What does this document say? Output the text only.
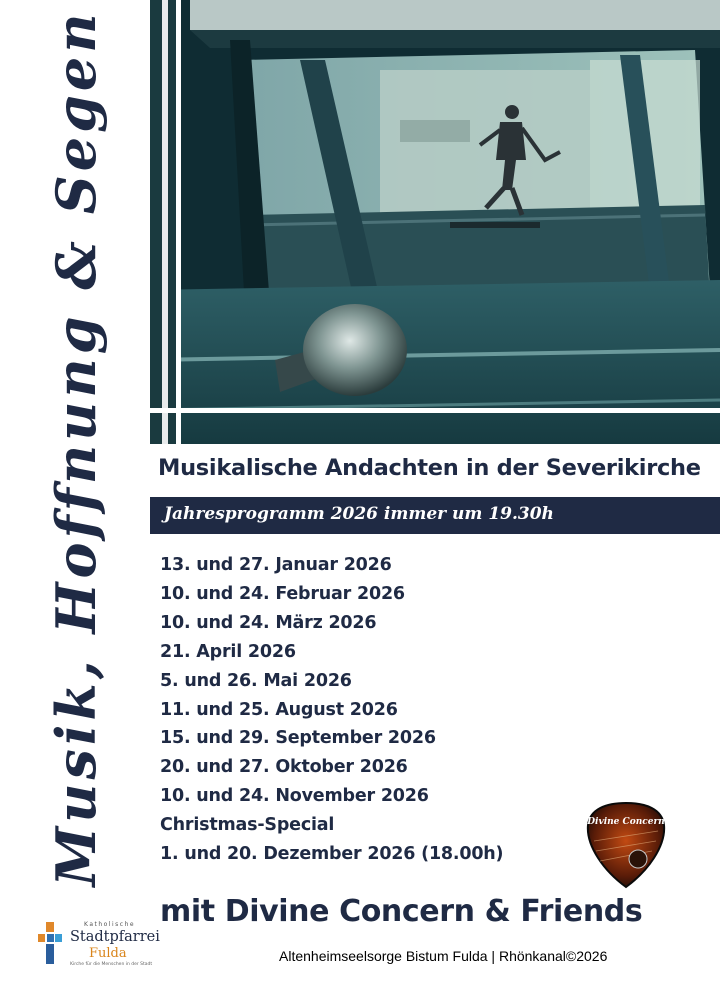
Musik, Hoffnung & Segen Musikalische Andachten in der Severikirche
Jahresprogramm 2026 immer um 19.30h
13. und 27. Januar 2026
10. und 24. Februar 2026
10. und 24. März 2026
21. April 2026
5. und 26. Mai 2026
11. und 25. August 2026
15. und 29. September 2026
20. und 27. Oktober 2026
10. und 24. November 2026
Christmas-Special
1. und 20. Dezember 2026 (18.00h)
Divine Concern
mit Divine Concern & Friends
Katholische
Stadtpfarrei
Fulda
Kirche für die Menschen in der Stadt
Altenheimseelsorge Bistum Fulda | Rhönkanal©2026
